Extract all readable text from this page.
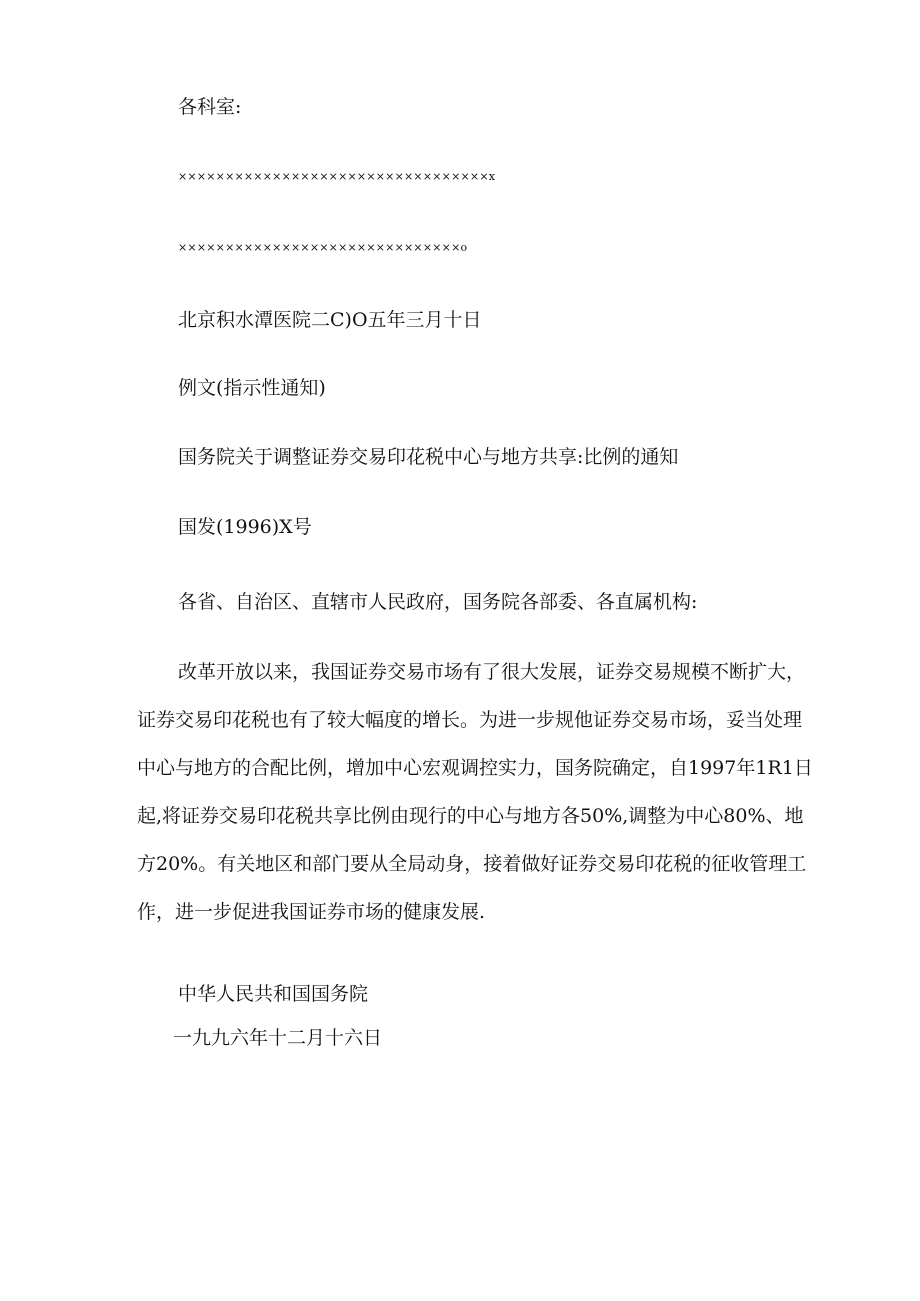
各科室:

×××××××××××××××××××××××××××××××××x

××××××××××××××××××××××××××××××o

北京积水潭医院二C)O五年三月十日

例文(指示性通知)

国务院关于调整证券交易印花税中心与地方共享:比例的通知

国发(1996)X号

各省、自治区、直辖市人民政府，国务院各部委、各直属机构:

改革开放以来，我国证券交易市场有了很大发展，证券交易规模不断扩大，

证券交易印花税也有了较大幅度的增长。为进一步规他证券交易市场，妥当处理

中心与地方的合配比例，增加中心宏观调控实力，国务院确定，自1997年1R1日

起,将证券交易印花税共享比例由现行的中心与地方各50%,调整为中心80%、地

方20%。有关地区和部门要从全局动身，接着做好证券交易印花税的征收管理工

作，进一步促进我国证券市场的健康发展.

中华人民共和国国务院

一九九六年十二月十六日
